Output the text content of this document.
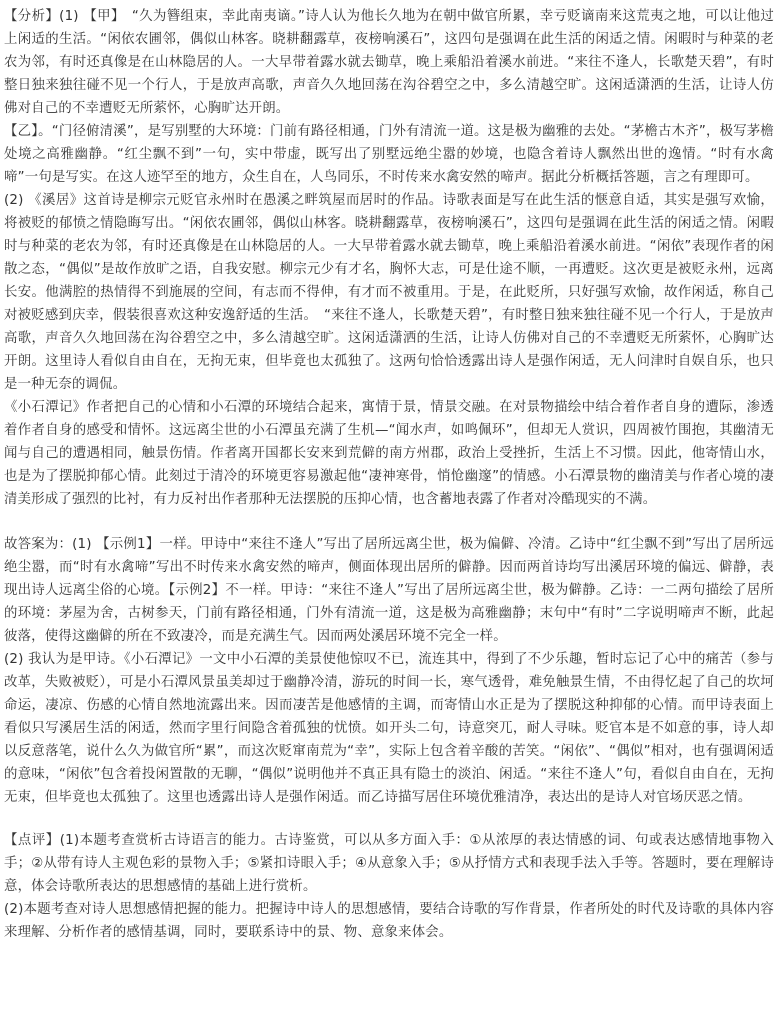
【分析】(1) 【甲】　“久为簪组束，幸此南夷谪。”诗人认为他长久地为在朝中做官所累，幸亏贬谪南来这荒夷之地，可以让他过上闲适的生活。“闲依农圃邻，偶似山林客。晓耕翻露草，夜榜响溪石”，这四句是强调在此生活的闲适之情。闲暇时与种菜的老农为邻，有时还真像是在山林隐居的人。一大早带着露水就去锄草，晚上乘船沿着溪水前进。“来往不逢人，长歌楚天碧”，有时整日独来独往碰不见一个行人，于是放声高歌，声音久久地回荡在沟谷碧空之中，多么清越空旷。这闲适潇洒的生活，让诗人仿佛对自己的不幸遭贬无所萦怀，心胸旷达开朗。

【乙】。“门径俯清溪”，是写别墅的大环境：门前有路径相通，门外有清流一道。这是极为幽雅的去处。“茅檐古木齐”，极写茅檐处境之高雅幽静。“红尘飘不到”一句，实中带虚，既写出了别墅远绝尘嚣的妙境，也隐含着诗人飘然出世的逸情。“时有水禽啼”一句是写实。在这人迹罕至的地方，众生自在，人鸟同乐，不时传来水禽安然的啼声。据此分析概括答题，言之有理即可。

(2) 《溪居》这首诗是柳宗元贬官永州时在愚溪之畔筑屋而居时的作品。诗歌表面是写在此生活的惬意自适，其实是强写欢愉，将被贬的郁愤之情隐晦写出。“闲依农圃邻，偶似山林客。晓耕翻露草，夜榜响溪石”，这四句是强调在此生活的闲适之情。闲暇时与种菜的老农为邻，有时还真像是在山林隐居的人。一大早带着露水就去锄草，晚上乘船沿着溪水前进。“闲依”表现作者的闲散之态，“偶似”是故作放旷之语，自我安慰。柳宗元少有才名，胸怀大志，可是仕途不顺，一再遭贬。这次更是被贬永州，远离长安。他满腔的热情得不到施展的空间，有志而不得伸，有才而不被重用。于是，在此贬所，只好强写欢愉，故作闲适，称自己对被贬感到庆幸，假装很喜欢这种安逸舒适的生活。　“来往不逢人，长歌楚天碧”，有时整日独来独往碰不见一个行人，于是放声高歌，声音久久地回荡在沟谷碧空之中，多么清越空旷。这闲适潇洒的生活，让诗人仿佛对自己的不幸遭贬无所萦怀，心胸旷达开朗。这里诗人看似自由自在，无拘无束，但毕竟也太孤独了。这两句恰恰透露出诗人是强作闲适，无人问津时自娱自乐，也只是一种无奈的调侃。

《小石潭记》作者把自己的心情和小石潭的环境结合起来，寓情于景，情景交融。在对景物描绘中结合着作者自身的遭际，渗透着作者自身的感受和情怀。这远离尘世的小石潭虽充满了生机—“闻水声，如鸣佩环”，但却无人赏识，四周被竹围抱，其幽清无闻与自己的遭遇相同，触景伤情。作者离开国都长安来到荒僻的南方州郡，政治上受挫折，生活上不习惯。因此，他寄情山水，也是为了摆脱抑郁心情。此刻过于清冷的环境更容易激起他“凄神寒骨，悄怆幽邃”的情感。小石潭景物的幽清美与作者心境的凄清美形成了强烈的比衬，有力反衬出作者那种无法摆脱的压抑心情，也含蓄地表露了作者对冷酷现实的不满。

故答案为：(1) 【示例1】一样。甲诗中“来往不逢人”写出了居所远离尘世，极为偏僻、冷清。乙诗中“红尘飘不到”写出了居所远绝尘嚣，而“时有水禽啼”写出不时传来水禽安然的啼声，侧面体现出居所的僻静。因而两首诗均写出溪居环境的偏远、僻静，表现出诗人远离尘俗的心境。【示例2】不一样。甲诗：“来往不逢人”写出了居所远离尘世，极为僻静。乙诗：一二两句描绘了居所的环境：茅屋为舍，古树参天，门前有路径相通，门外有清流一道，这是极为高雅幽静；末句中“有时”二字说明啼声不断，此起彼落，使得这幽僻的所在不致凄冷，而是充满生气。因而两处溪居环境不完全一样。

(2) 我认为是甲诗。《小石潭记》一文中小石潭的美景使他惊叹不已，流连其中，得到了不少乐趣，暂时忘记了心中的痛苦（参与改革，失败被贬），可是小石潭风景虽美却过于幽静冷清，游玩的时间一长，寒气透骨，难免触景生情，不由得忆起了自己的坎坷命运，凄凉、伤感的心情自然地流露出来。因而凄苦是他感情的主调，而寄情山水正是为了摆脱这种抑郁的心情。而甲诗表面上看似只写溪居生活的闲适，然而字里行间隐含着孤独的忧愤。如开头二句，诗意突兀，耐人寻味。贬官本是不如意的事，诗人却以反意落笔，说什么久为做官所“累”，而这次贬窜南荒为“幸”，实际上包含着辛酸的苦笑。“闲依”、“偶似”相对，也有强调闲适的意味，“闲依”包含着投闲置散的无聊，“偶似”说明他并不真正具有隐士的淡泊、闲适。“来往不逢人”句，看似自由自在，无拘无束，但毕竟也太孤独了。这里也透露出诗人是强作闲适。而乙诗描写居住环境优雅清净，表达出的是诗人对官场厌恶之情。

【点评】(1)本题考查赏析古诗语言的能力。古诗鉴赏，可以从多方面入手：①从浓厚的表达情感的词、句或表达感情地事物入手；②从带有诗人主观色彩的景物入手；⑤紧扣诗眼入手；④从意象入手；⑤从抒情方式和表现手法入手等。答题时，要在理解诗意，体会诗歌所表达的思想感情的基础上进行赏析。

(2)本题考查对诗人思想感情把握的能力。把握诗中诗人的思想感情，要结合诗歌的写作背景，作者所处的时代及诗歌的具体内容来理解、分析作者的感情基调，同时，要联系诗中的景、物、意象来体会。
